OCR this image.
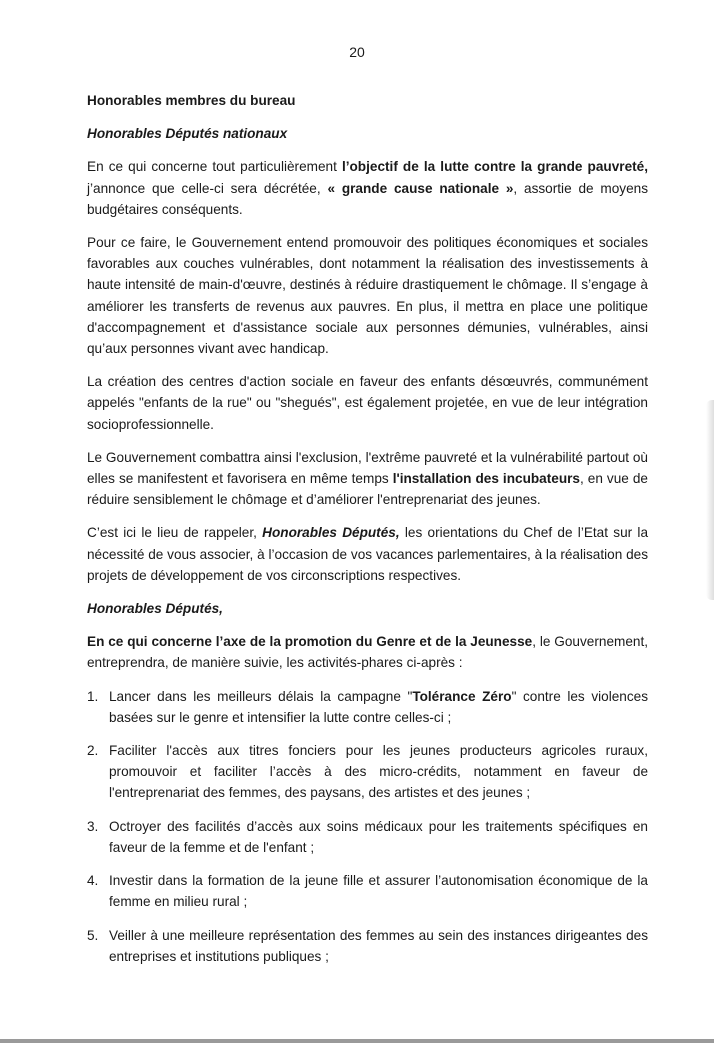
20

Honorables membres du bureau

Honorables Députés nationaux

En ce qui concerne tout particulièrement l’objectif de la lutte contre la grande pauvreté, j’annonce que celle-ci sera décrétée, « grande cause nationale », assortie de moyens budgétaires conséquents.

Pour ce faire, le Gouvernement entend promouvoir des politiques économiques et sociales favorables aux couches vulnérables, dont notamment la réalisation des investissements à haute intensité de main-d'œuvre, destinés à réduire drastiquement le chômage. Il s’engage à améliorer les transferts de revenus aux pauvres. En plus, il mettra en place une politique d'accompagnement et d'assistance sociale aux personnes démunies, vulnérables, ainsi qu’aux personnes vivant avec handicap.

La création des centres d'action sociale en faveur des enfants désœuvrés, communément appelés "enfants de la rue" ou "shegués", est également projetée, en vue de leur intégration socioprofessionnelle.

Le Gouvernement combattra ainsi l'exclusion, l'extrême pauvreté et la vulnérabilité partout où elles se manifestent et favorisera en même temps l'installation des incubateurs, en vue de réduire sensiblement le chômage et d’améliorer l'entreprenariat des jeunes.

C’est ici le lieu de rappeler, Honorables Députés, les orientations du Chef de l’Etat sur la nécessité de vous associer, à l’occasion de vos vacances parlementaires, à la réalisation des projets de développement de vos circonscriptions respectives.

Honorables Députés,

En ce qui concerne l’axe de la promotion du Genre et de la Jeunesse, le Gouvernement, entreprendra, de manière suivie, les activités-phares ci-après :

1. Lancer dans les meilleurs délais la campagne "Tolérance Zéro" contre les violences basées sur le genre et intensifier la lutte contre celles-ci ;
2. Faciliter l'accès aux titres fonciers pour les jeunes producteurs agricoles ruraux, promouvoir et faciliter l’accès à des micro-crédits, notamment en faveur de l'entreprenariat des femmes, des paysans, des artistes et des jeunes ;
3. Octroyer des facilités d’accès aux soins médicaux pour les traitements spécifiques en faveur de la femme et de l'enfant ;
4. Investir dans la formation de la jeune fille et assurer l’autonomisation économique de la femme en milieu rural ;
5. Veiller à une meilleure représentation des femmes au sein des instances dirigeantes des entreprises et institutions publiques ;
